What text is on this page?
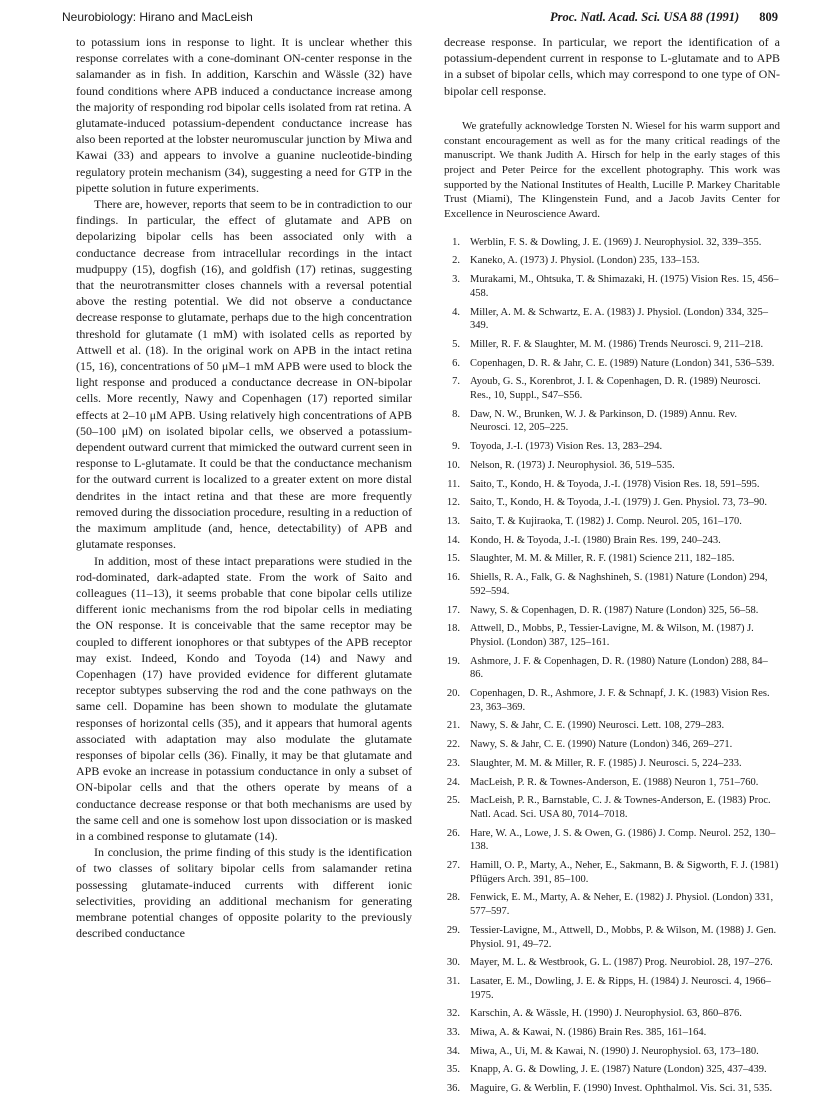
Neurobiology: Hirano and MacLeish	Proc. Natl. Acad. Sci. USA 88 (1991) 809

to potassium ions in response to light. It is unclear whether this response correlates with a cone-dominant ON-center response in the salamander as in fish. In addition, Karschin and Wässle (32) have found conditions where APB induced a conductance increase among the majority of responding rod bipolar cells isolated from rat retina. A glutamate-induced potassium-dependent conductance increase has also been reported at the lobster neuromuscular junction by Miwa and Kawai (33) and appears to involve a guanine nucleotide-binding regulatory protein mechanism (34), suggesting a need for GTP in the pipette solution in future experiments.

There are, however, reports that seem to be in contradiction to our findings. In particular, the effect of glutamate and APB on depolarizing bipolar cells has been associated only with a conductance decrease from intracellular recordings in the intact mudpuppy (15), dogfish (16), and goldfish (17) retinas, suggesting that the neurotransmitter closes channels with a reversal potential above the resting potential. We did not observe a conductance decrease response to glutamate, perhaps due to the high concentration threshold for glutamate (1 mM) with isolated cells as reported by Attwell et al. (18). In the original work on APB in the intact retina (15, 16), concentrations of 50 μM–1 mM APB were used to block the light response and produced a conductance decrease in ON-bipolar cells. More recently, Nawy and Copenhagen (17) reported similar effects at 2–10 μM APB. Using relatively high concentrations of APB (50–100 μM) on isolated bipolar cells, we observed a potassium-dependent outward current that mimicked the outward current seen in response to L-glutamate. It could be that the conductance mechanism for the outward current is localized to a greater extent on more distal dendrites in the intact retina and that these are more frequently removed during the dissociation procedure, resulting in a reduction of the maximum amplitude (and, hence, detectability) of APB and glutamate responses.

In addition, most of these intact preparations were studied in the rod-dominated, dark-adapted state. From the work of Saito and colleagues (11–13), it seems probable that cone bipolar cells utilize different ionic mechanisms from the rod bipolar cells in mediating the ON response. It is conceivable that the same receptor may be coupled to different ionophores or that subtypes of the APB receptor may exist. Indeed, Kondo and Toyoda (14) and Nawy and Copenhagen (17) have provided evidence for different glutamate receptor subtypes subserving the rod and the cone pathways on the same cell. Dopamine has been shown to modulate the glutamate responses of horizontal cells (35), and it appears that humoral agents associated with adaptation may also modulate the glutamate responses of bipolar cells (36). Finally, it may be that glutamate and APB evoke an increase in potassium conductance in only a subset of ON-bipolar cells and that the others operate by means of a conductance decrease response or that both mechanisms are used by the same cell and one is somehow lost upon dissociation or is masked in a combined response to glutamate (14).

In conclusion, the prime finding of this study is the identification of two classes of solitary bipolar cells from salamander retina possessing glutamate-induced currents with different ionic selectivities, providing an additional mechanism for generating membrane potential changes of opposite polarity to the previously described conductance

decrease response. In particular, we report the identification of a potassium-dependent current in response to L-glutamate and to APB in a subset of bipolar cells, which may correspond to one type of ON-bipolar cell response.

We gratefully acknowledge Torsten N. Wiesel for his warm support and constant encouragement as well as for the many critical readings of the manuscript. We thank Judith A. Hirsch for help in the early stages of this project and Peter Peirce for the excellent photography. This work was supported by the National Institutes of Health, Lucille P. Markey Charitable Trust (Miami), The Klingenstein Fund, and a Jacob Javits Center for Excellence in Neuroscience Award.

1. Werblin, F. S. & Dowling, J. E. (1969) J. Neurophysiol. 32, 339–355.
2. Kaneko, A. (1973) J. Physiol. (London) 235, 133–153.
3. Murakami, M., Ohtsuka, T. & Shimazaki, H. (1975) Vision Res. 15, 456–458.
4. Miller, A. M. & Schwartz, E. A. (1983) J. Physiol. (London) 334, 325–349.
5. Miller, R. F. & Slaughter, M. M. (1986) Trends Neurosci. 9, 211–218.
6. Copenhagen, D. R. & Jahr, C. E. (1989) Nature (London) 341, 536–539.
7. Ayoub, G. S., Korenbrot, J. I. & Copenhagen, D. R. (1989) Neurosci. Res., 10, Suppl., S47–S56.
8. Daw, N. W., Brunken, W. J. & Parkinson, D. (1989) Annu. Rev. Neurosci. 12, 205–225.
9. Toyoda, J.-I. (1973) Vision Res. 13, 283–294.
10. Nelson, R. (1973) J. Neurophysiol. 36, 519–535.
11. Saito, T., Kondo, H. & Toyoda, J.-I. (1978) Vision Res. 18, 591–595.
12. Saito, T., Kondo, H. & Toyoda, J.-I. (1979) J. Gen. Physiol. 73, 73–90.
13. Saito, T. & Kujiraoka, T. (1982) J. Comp. Neurol. 205, 161–170.
14. Kondo, H. & Toyoda, J.-I. (1980) Brain Res. 199, 240–243.
15. Slaughter, M. M. & Miller, R. F. (1981) Science 211, 182–185.
16. Shiells, R. A., Falk, G. & Naghshineh, S. (1981) Nature (London) 294, 592–594.
17. Nawy, S. & Copenhagen, D. R. (1987) Nature (London) 325, 56–58.
18. Attwell, D., Mobbs, P., Tessier-Lavigne, M. & Wilson, M. (1987) J. Physiol. (London) 387, 125–161.
19. Ashmore, J. F. & Copenhagen, D. R. (1980) Nature (London) 288, 84–86.
20. Copenhagen, D. R., Ashmore, J. F. & Schnapf, J. K. (1983) Vision Res. 23, 363–369.
21. Nawy, S. & Jahr, C. E. (1990) Neurosci. Lett. 108, 279–283.
22. Nawy, S. & Jahr, C. E. (1990) Nature (London) 346, 269–271.
23. Slaughter, M. M. & Miller, R. F. (1985) J. Neurosci. 5, 224–233.
24. MacLeish, P. R. & Townes-Anderson, E. (1988) Neuron 1, 751–760.
25. MacLeish, P. R., Barnstable, C. J. & Townes-Anderson, E. (1983) Proc. Natl. Acad. Sci. USA 80, 7014–7018.
26. Hare, W. A., Lowe, J. S. & Owen, G. (1986) J. Comp. Neurol. 252, 130–138.
27. Hamill, O. P., Marty, A., Neher, E., Sakmann, B. & Sigworth, F. J. (1981) Pflügers Arch. 391, 85–100.
28. Fenwick, E. M., Marty, A. & Neher, E. (1982) J. Physiol. (London) 331, 577–597.
29. Tessier-Lavigne, M., Attwell, D., Mobbs, P. & Wilson, M. (1988) J. Gen. Physiol. 91, 49–72.
30. Mayer, M. L. & Westbrook, G. L. (1987) Prog. Neurobiol. 28, 197–276.
31. Lasater, E. M., Dowling, J. E. & Ripps, H. (1984) J. Neurosci. 4, 1966–1975.
32. Karschin, A. & Wässle, H. (1990) J. Neurophysiol. 63, 860–876.
33. Miwa, A. & Kawai, N. (1986) Brain Res. 385, 161–164.
34. Miwa, A., Ui, M. & Kawai, N. (1990) J. Neurophysiol. 63, 173–180.
35. Knapp, A. G. & Dowling, J. E. (1987) Nature (London) 325, 437–439.
36. Maguire, G. & Werblin, F. (1990) Invest. Ophthalmol. Vis. Sci. 31, 535.
